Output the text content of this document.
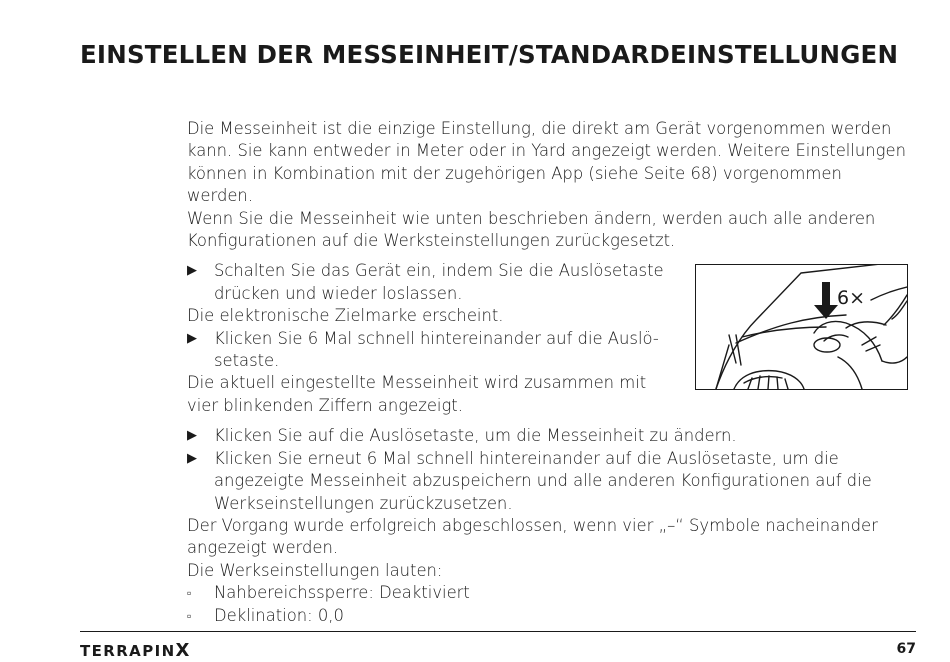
EINSTELLEN DER MESSEINHEIT/STANDARDEINSTELLUNGEN

Die Messeinheit ist die einzige Einstellung, die direkt am Gerät vorgenommen werden kann. Sie kann entweder in Meter oder in Yard angezeigt werden. Weitere Einstellungen können in Kombination mit der zugehörigen App (siehe Seite 68) vorgenommen werden.

Wenn Sie die Messeinheit wie unten beschrieben ändern, werden auch alle anderen Konfigurationen auf die Werksteinstellungen zurückgesetzt.

▶	Schalten Sie das Gerät ein, indem Sie die Auslösetaste drücken und wieder loslassen.

Die elektronische Zielmarke erscheint.

▶	Klicken Sie 6 Mal schnell hintereinander auf die Auslö-setaste.

Die aktuell eingestellte Messeinheit wird zusammen mit vier blinkenden Ziffern angezeigt.

▶	Klicken Sie auf die Auslösetaste, um die Messeinheit zu ändern.
▶	Klicken Sie erneut 6 Mal schnell hintereinander auf die Auslösetaste, um die angezeigte Messeinheit abzuspeichern und alle anderen Konfigurationen auf die Werkseinstellungen zurückzusetzen.

Der Vorgang wurde erfolgreich abgeschlossen, wenn vier „–“ Symbole nacheinander angezeigt werden.

Die Werkseinstellungen lauten:

▫	Nahbereichssperre: Deaktiviert
▫	Deklination: 0,0
6×
TERRAPINX	67
